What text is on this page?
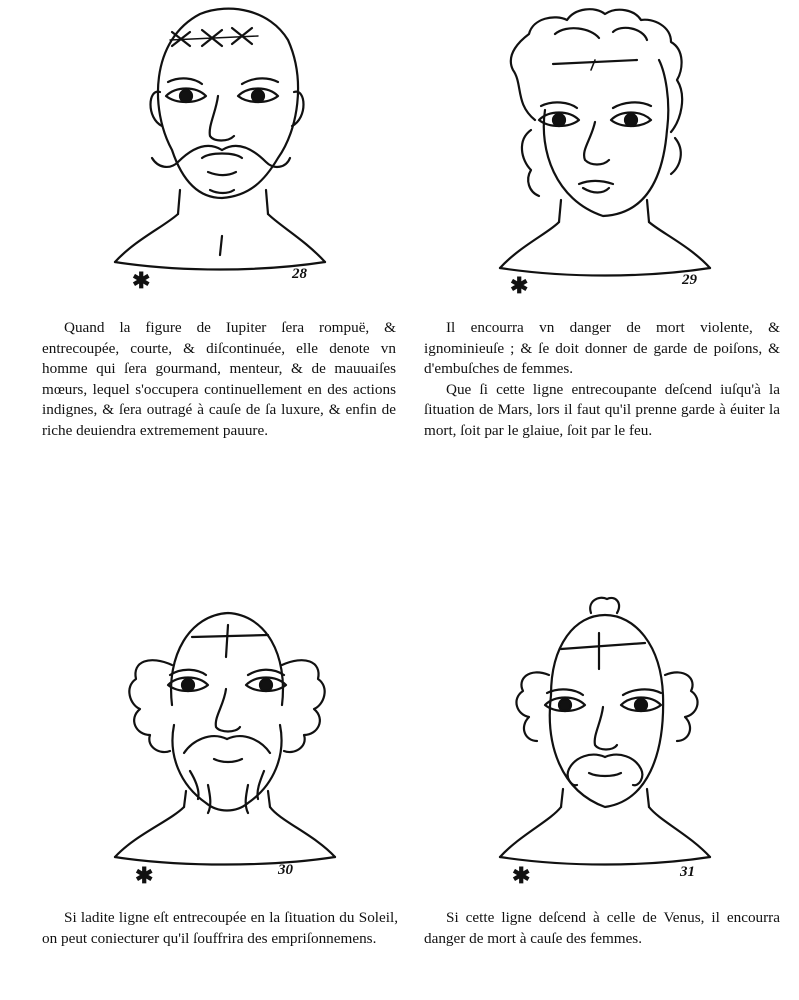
✱	28	✱	29

Quand la figure de Iupiter ſera rompuë, & entrecoupée, courte, & diſcontinuée, elle denote vn homme qui ſera gourmand, menteur, & de mauuaiſes mœurs, lequel s'occupera continuellement en des actions indignes, & ſera outragé à cauſe de ſa luxure, & enfin de riche deuiendra extremement pauure.

Il encourra vn danger de mort violente, & ignominieuſe ; & ſe doit donner de garde de poiſons, & d'embuſches de femmes.

Que ſi cette ligne entrecoupante deſcend iuſqu'à la ſituation de Mars, lors il faut qu'il prenne garde à éuiter la mort, ſoit par le glaiue, ſoit par le feu.

✱	30	✱	31

Si ladite ligne eſt entrecoupée en la ſituation du Soleil, on peut coniecturer qu'il ſouffrira des empriſonnemens.

Si cette ligne deſcend à celle de Venus, il encourra danger de mort à cauſe des femmes.
